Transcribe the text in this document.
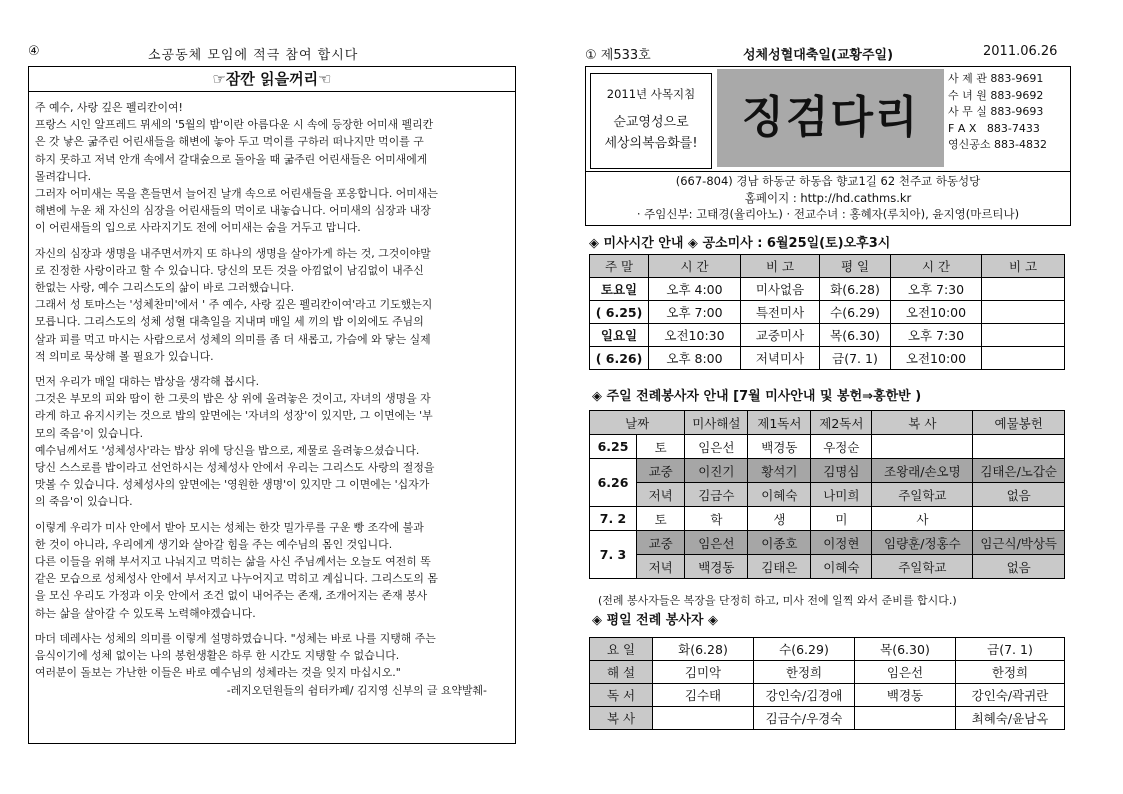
④	소공동체 모임에 적극 참여 합시다
☞잠깐 읽을꺼리☜

주 예수, 사랑 깊은 펠리칸이여!
프랑스 시인 알프레드 뮈세의 '5월의 밤'이란 아름다운 시 속에 등장한 어미새 펠리칸
은 갓 낳은 굶주린 어린새들을 해변에 놓아 두고 먹이를 구하러 떠나지만 먹이를 구
하지 못하고 저녁 안개 속에서 갈대숲으로 돌아올 때 굶주린 어린새들은 어미새에게
몰려갑니다.
그러자 어미새는 목을 흔들면서 늘어진 날개 속으로 어린새들을 포옹합니다. 어미새는
해변에 누운 채 자신의 심장을 어린새들의 먹이로 내놓습니다. 어미새의 심장과 내장
이 어린새들의 입으로 사라지기도 전에 어미새는 숨을 거두고 맙니다.

자신의 심장과 생명을 내주면서까지 또 하나의 생명을 살아가게 하는 것, 그것이야말
로 진정한 사랑이라고 할 수 있습니다. 당신의 모든 것을 아낌없이 남김없이 내주신
한없는 사랑, 예수 그리스도의 삶이 바로 그러했습니다.
그래서 성 토마스는 '성체찬미'에서 ' 주 예수, 사랑 깊은 펠리칸이여'라고 기도했는지
모릅니다. 그리스도의 성체 성혈 대축일을 지내며 매일 세 끼의 밥 이외에도 주님의
살과 피를 먹고 마시는 사람으로서 성체의 의미를 좀 더 새롭고, 가슴에 와 닿는 실제
적 의미로 묵상해 볼 필요가 있습니다.

먼저 우리가 매일 대하는 밥상을 생각해 봅시다.
그것은 부모의 피와 땀이 한 그릇의 밥은 상 위에 올려놓은 것이고, 자녀의 생명을 자
라게 하고 유지시키는 것으로 밥의 앞면에는 '자녀의 성장'이 있지만, 그 이면에는 '부
모의 죽음'이 있습니다.
예수님께서도 '성체성사'라는 밥상 위에 당신을 밥으로, 제물로 올려놓으셨습니다.
당신 스스로를 밥이라고 선언하시는 성체성사 안에서 우리는 그리스도 사랑의 절정을
맛볼 수 있습니다. 성체성사의 앞면에는 '영원한 생명'이 있지만 그 이면에는 '십자가
의 죽음'이 있습니다.

이렇게 우리가 미사 안에서 받아 모시는 성체는 한갓 밀가루를 구운 빵 조각에 불과
한 것이 아니라, 우리에게 생기와 살아갈 힘을 주는 예수님의 몸인 것입니다.
다른 이들을 위해 부서지고 나눠지고 먹히는 삶을 사신 주님께서는 오늘도 여전히 똑
같은 모습으로 성체성사 안에서 부서지고 나누어지고 먹히고 계십니다. 그리스도의 몸
을 모신 우리도 가정과 이웃 안에서 조건 없이 내어주는 존재, 조개어지는 존재 봉사
하는 삶을 살아갈 수 있도록 노력해야겠습니다.

마더 데레사는 성체의 의미를 이렇게 설명하였습니다. "성체는 바로 나를 지탱해 주는
음식이기에 성체 없이는 나의 봉헌생활은 하루 한 시간도 지탱할 수 없습니다.
여러분이 돌보는 가난한 이들은 바로 예수님의 성체라는 것을 잊지 마십시오."

-레지오던원들의 쉼터카페/ 김지영 신부의 글 요약발췌-
① 제533호	성체성혈대축일(교황주일)	2011.06.26
2011년 사목지침
순교영성으로
세상의복음화를!
징검다리
사 제 관 883-9691
수 녀 원 883-9692
사 무 실 883-9693
F A X   883-7433
영신공소 883-4832
(667-804) 경남 하동군 하동읍 향교1길 62 천주교 하동성당
홈페이지 : http://hd.cathms.kr
· 주임신부: 고태경(율리아노) · 전교수녀 : 홍혜자(루치아), 윤지영(마르티나)
◈ 미사시간 안내 ◈ 공소미사 : 6월25일(토)오후3시
주 말	시 간	비 고	평 일	시 간	비 고
토요일	오후 4:00	미사없음	화(6.28)	오후 7:30	
( 6.25)	오후 7:00	특전미사	수(6.29)	오전10:00	
일요일	오전10:30	교중미사	목(6.30)	오후 7:30	
( 6.26)	오후 8:00	저녁미사	금(7. 1)	오전10:00	
◈ 주일 전례봉사자 안내 [7월 미사안내 및 봉헌⇒홍한반 )
날짜		미사해설	제1독서	제2독서	복 사	예물봉헌
6.25	토	임은선	백경동	우정순		
6.26	교중	이진기	황석기	김명심	조왕래/손오명	김태은/노갑순
	저녁	김금수	이혜숙	나미희	주일학교	없음
7. 2	토	학	생	미	사	
7. 3	교중	임은선	이종호	이정현	임량훈/정홍수	임근식/박상득
	저녁	백경동	김태은	이혜숙	주일학교	없음
(전례 봉사자들은 복장을 단정히 하고, 미사 전에 일찍 와서 준비를 합시다.)
◈ 평일 전례 봉사자 ◈
요 일	화(6.28)	수(6.29)	목(6.30)	금(7. 1)
해 설	김미악	한정희	임은선	한정희
독 서	김수태	강인숙/김경애	백경동	강인숙/곽귀란
복 사		김금수/우경숙		최혜숙/윤남옥
